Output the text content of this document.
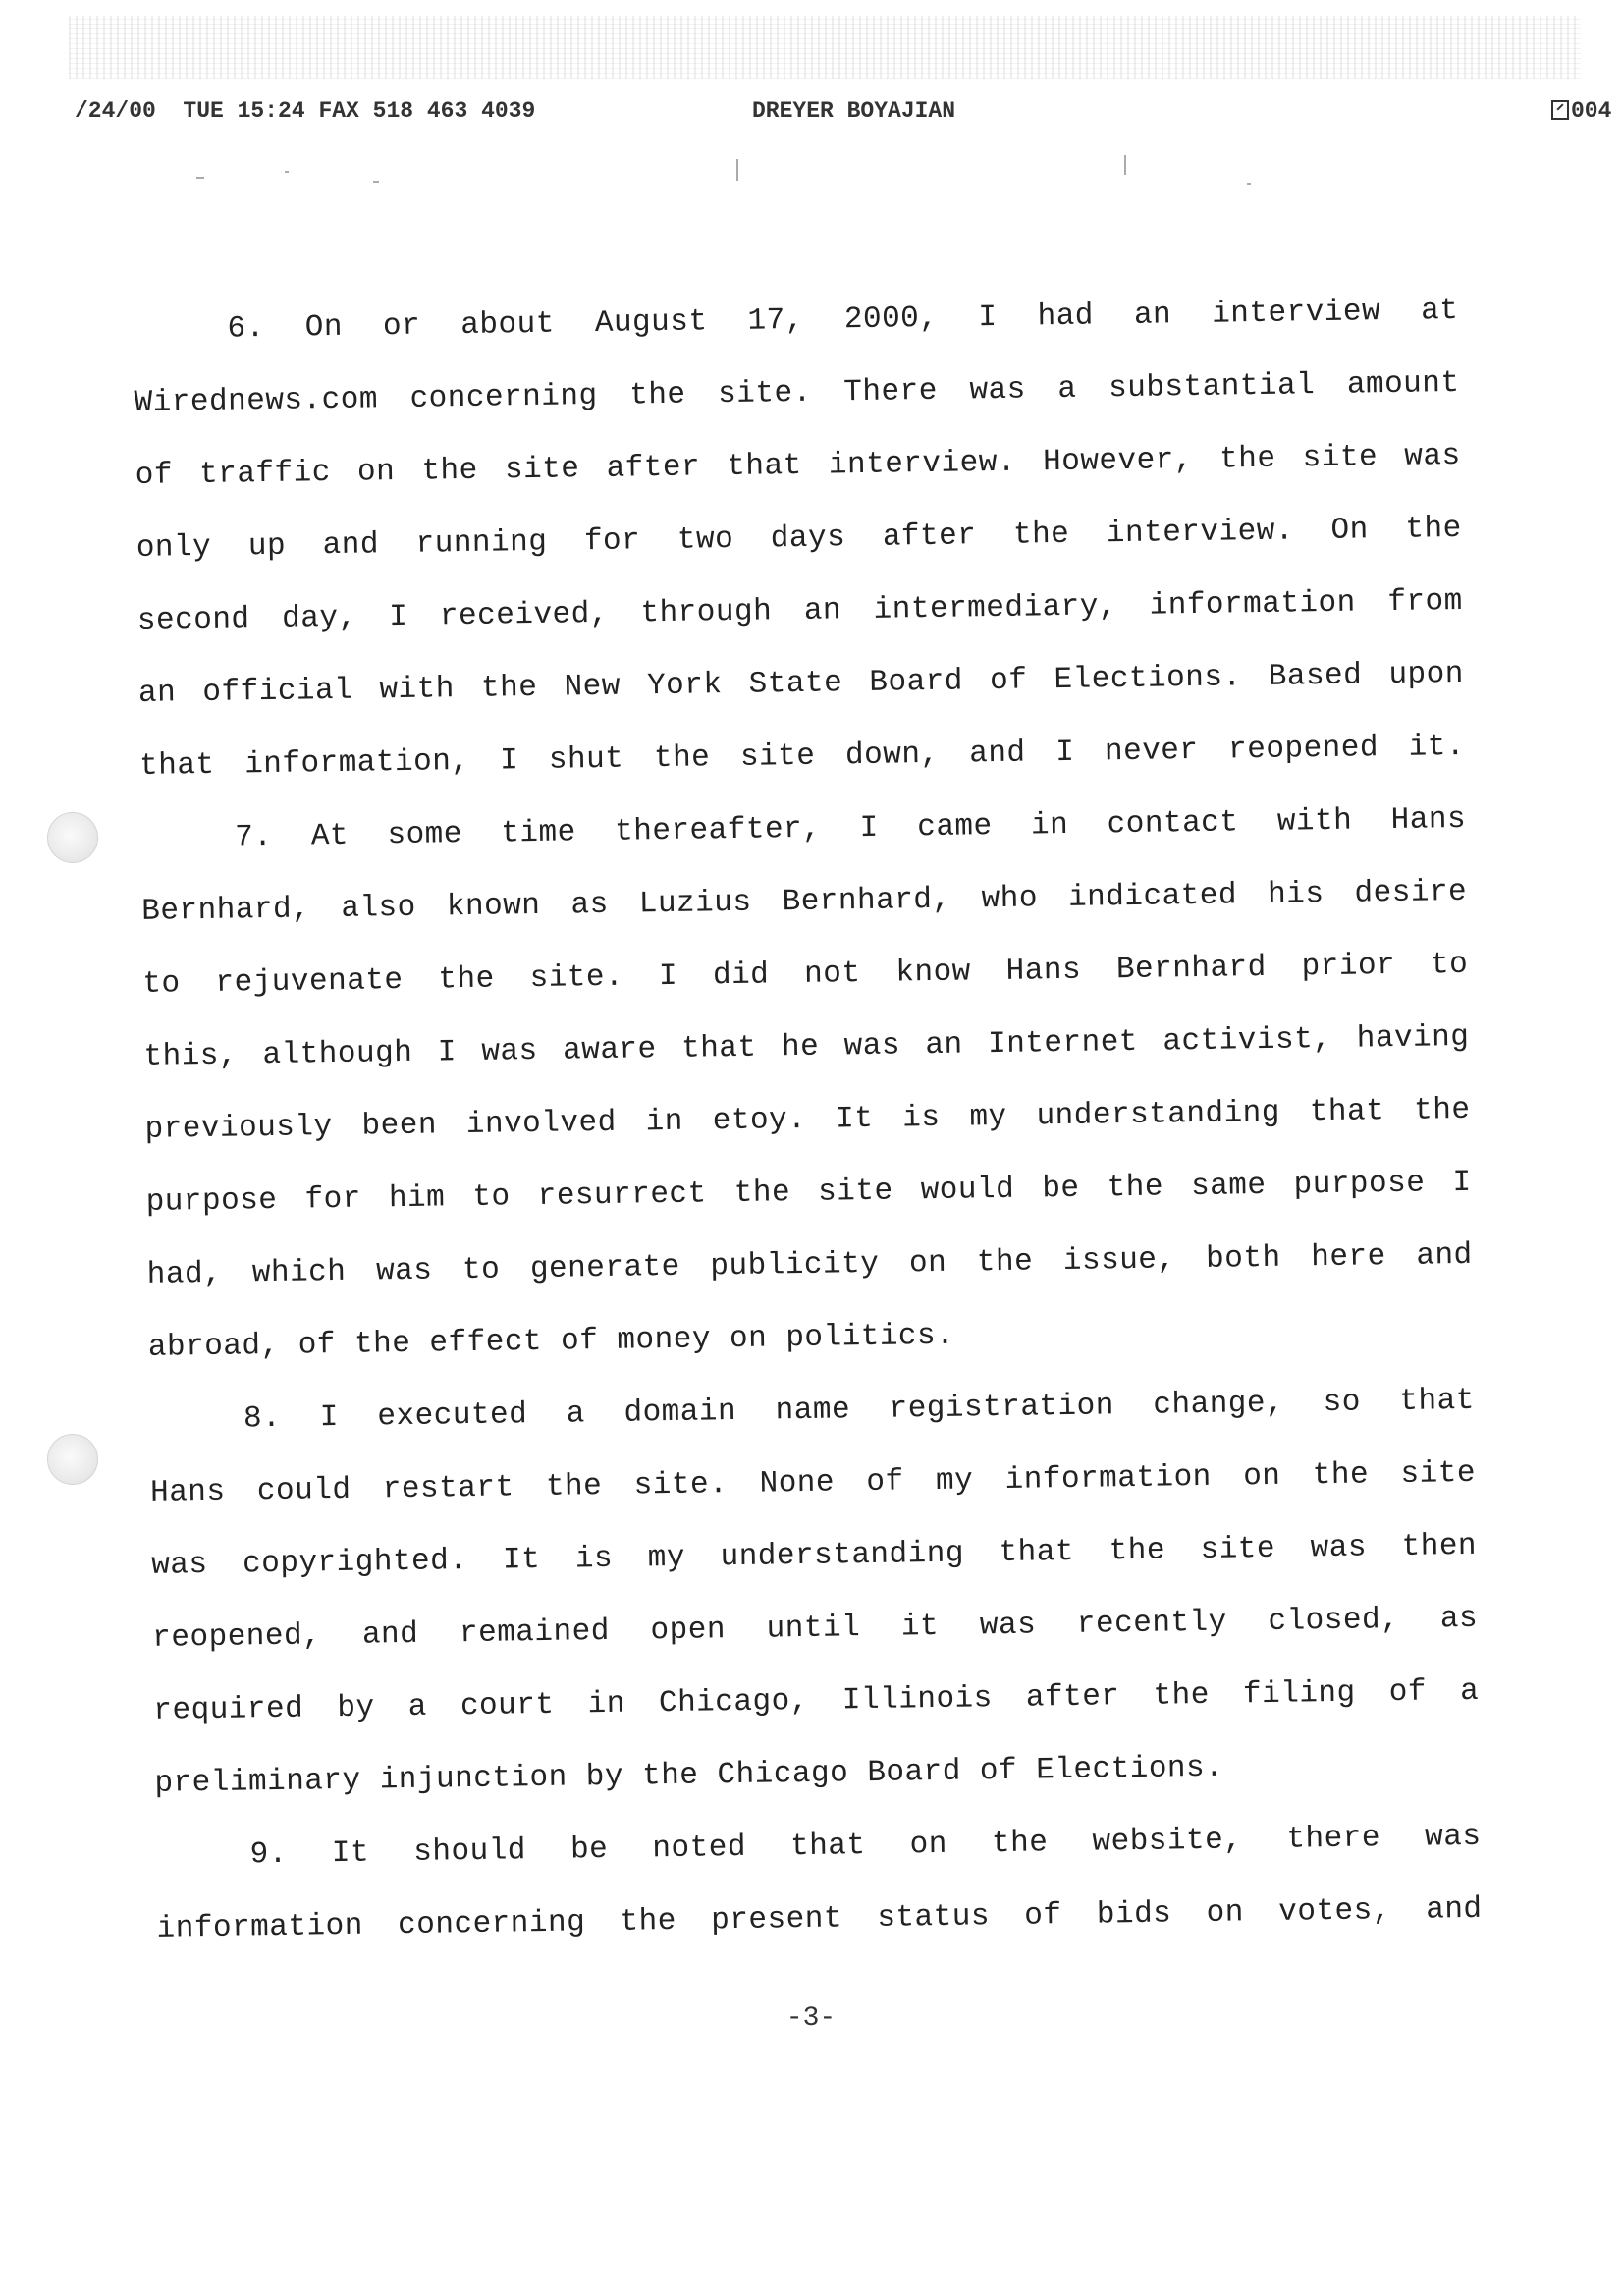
/24/00  TUE 15:24 FAX 518 463 4039	DREYER BOYAJIAN	004
6. On or about August 17, 2000, I had an interview at
Wirednews.com concerning the site. There was a substantial amount
of traffic on the site after that interview. However, the site was
only up and running for two days after the interview. On the
second day, I received, through an intermediary, information from
an official with the New York State Board of Elections. Based upon
that information, I shut the site down, and I never reopened it.
7. At some time thereafter, I came in contact with Hans
Bernhard, also known as Luzius Bernhard, who indicated his desire
to rejuvenate the site. I did not know Hans Bernhard prior to
this, although I was aware that he was an Internet activist, having
previously been involved in etoy. It is my understanding that the
purpose for him to resurrect the site would be the same purpose I
had, which was to generate publicity on the issue, both here and
abroad, of the effect of money on politics.
8. I executed a domain name registration change, so that
Hans could restart the site. None of my information on the site
was copyrighted. It is my understanding that the site was then
reopened, and remained open until it was recently closed, as
required by a court in Chicago, Illinois after the filing of a
preliminary injunction by the Chicago Board of Elections.
9. It should be noted that on the website, there was
information concerning the present status of bids on votes, and
-3-
